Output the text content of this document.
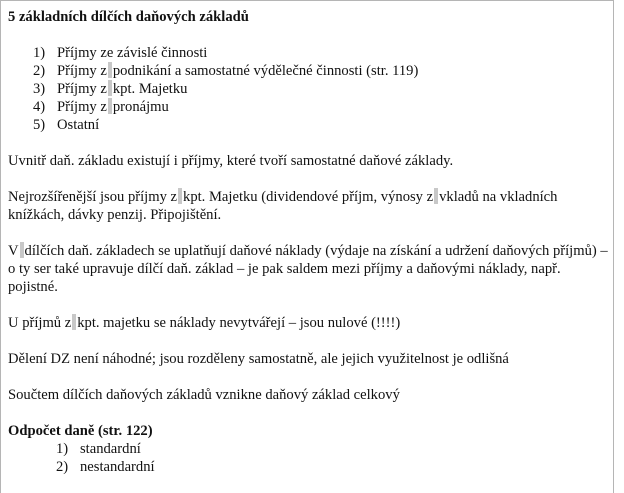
5 základních dílčích daňových základů

1) Příjmy ze závislé činnosti
2) Příjmy z podnikání a samostatné výdělečné činnosti (str. 119)
3) Příjmy z kpt. Majetku
4) Příjmy z pronájmu
5) Ostatní

Uvnitř daň. základu existují i příjmy, které tvoří samostatné daňové základy.

Nejrozšířenější jsou příjmy z kpt. Majetku (dividendové příjm, výnosy z vkladů na vkladních knížkách, dávky penzij. Připojištění.

V dílčích daň. základech se uplatňují daňové náklady (výdaje na získání a udržení daňových příjmů) – o ty ser také upravuje dílčí daň. základ – je pak saldem mezi příjmy a daňovými náklady, např. pojistné.

U příjmů z kpt. majetku se náklady nevytvářejí – jsou nulové (!!!!)

Dělení DZ není náhodné; jsou rozděleny samostatně, ale jejich využitelnost je odlišná

Součtem dílčích daňových základů vznikne daňový základ celkový

Odpočet daně (str. 122)

1) standardní
2) nestandardní
